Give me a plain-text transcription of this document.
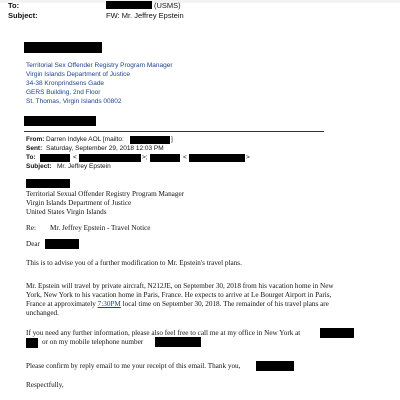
To:	(USMS)
Subject:	FW: Mr. Jeffrey Epstein
Territorial Sex Offender Registry Program Manager
Virgin Islands Department of Justice
34-38 Kronprindsens Gade
GERS Building, 2nd Floor
St. Thomas, Virgin Islands 00802
From: Darren Indyke AOL [mailto:	]
Sent: Saturday, September 29, 2018 12:03 PM
To:	<	>;	<	>
Subject: Mr. Jeffrey Epstein
Territorial Sexual Offender Registry Program Manager
Virgin Islands Department of Justice
United States Virgin Islands
Re: Mr. Jeffrey Epstein - Travel Notice
Dear
This is to advise you of a further modification to Mr. Epstein's travel plans.
Mr. Epstein will travel by private aircraft, N212JE, on September 30, 2018 from his vacation home in New
York, New York to his vacation home in Paris, France. He expects to arrive at Le Bourget Airport in Paris,
France at approximately 7:30PM local time on September 30, 2018. The remainder of his travel plans are
unchanged.
If you need any further information, please also feel free to call me at my office in New York at
or on my mobile telephone number
Please confirm by reply email to me your receipt of this email. Thank you,
Respectfully,
